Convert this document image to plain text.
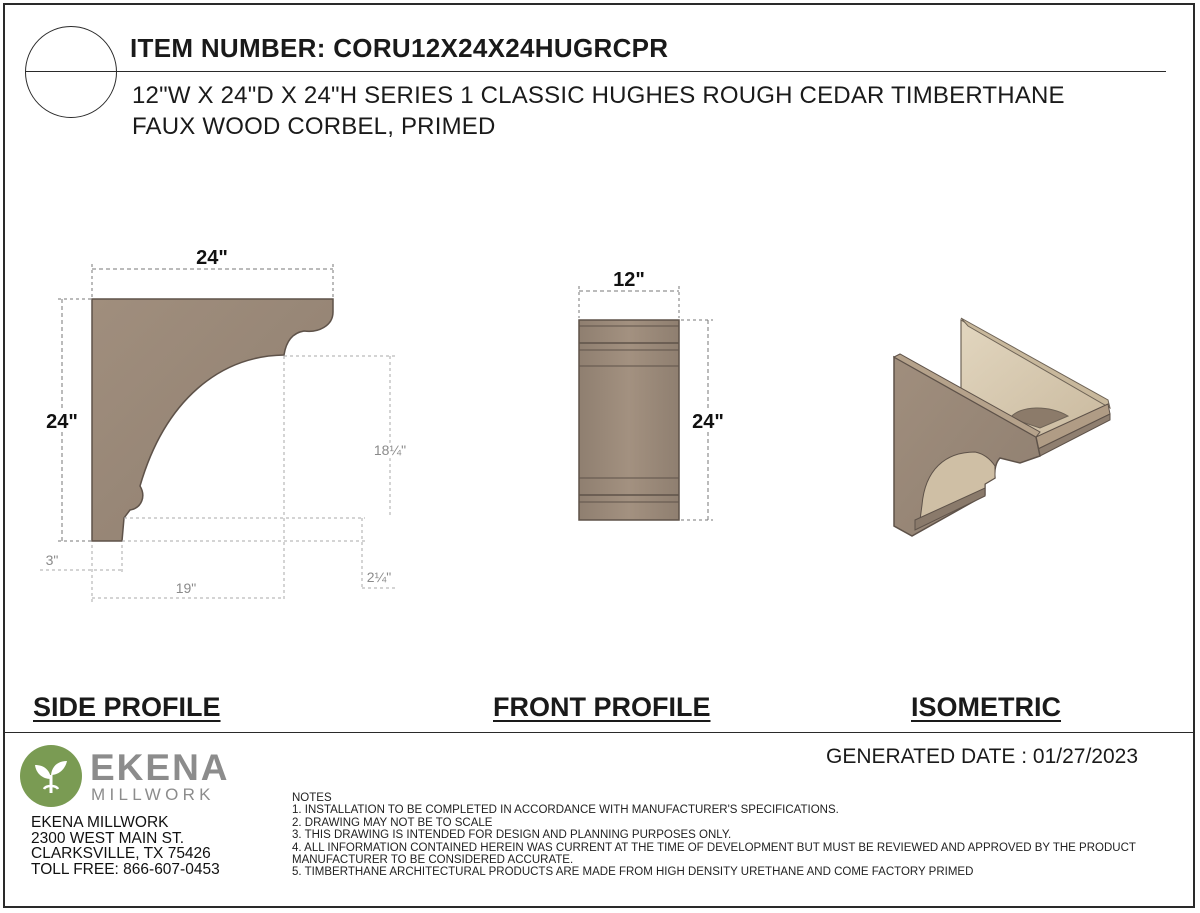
ITEM NUMBER: CORU12X24X24HUGRCPR
12"W X 24"D X 24"H SERIES 1 CLASSIC HUGHES ROUGH CEDAR TIMBERTHANE FAUX WOOD CORBEL, PRIMED
24"
24"
18¼"
3"
19"
2¼"
12"
24"
SIDE PROFILE	FRONT PROFILE	ISOMETRIC
EKENA
MILLWORK
EKENA MILLWORK
2300 WEST MAIN ST.
CLARKSVILLE, TX 75426
TOLL FREE: 866-607-0453
GENERATED DATE : 01/27/2023
NOTES
1. INSTALLATION TO BE COMPLETED IN ACCORDANCE WITH MANUFACTURER'S SPECIFICATIONS.
2. DRAWING MAY NOT BE TO SCALE
3. THIS DRAWING IS INTENDED FOR DESIGN AND PLANNING PURPOSES ONLY.
4. ALL INFORMATION CONTAINED HEREIN WAS CURRENT AT THE TIME OF DEVELOPMENT BUT MUST BE REVIEWED AND APPROVED BY THE PRODUCT MANUFACTURER TO BE CONSIDERED ACCURATE.
5. TIMBERTHANE ARCHITECTURAL PRODUCTS ARE MADE FROM HIGH DENSITY URETHANE AND COME FACTORY PRIMED
